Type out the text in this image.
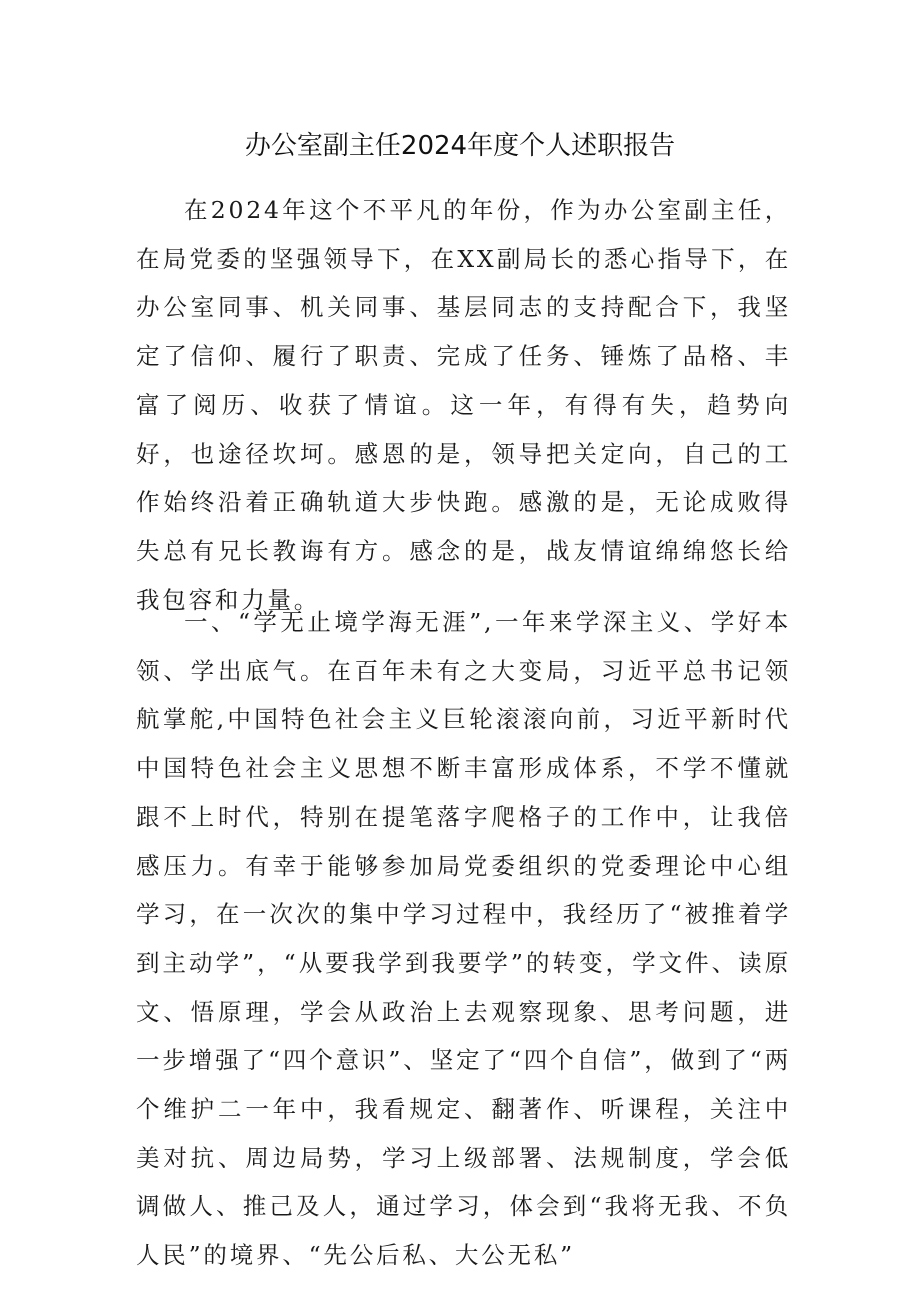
办公室副主任2024年度个人述职报告

在2024年这个不平凡的年份，作为办公室副主任，在局党委的坚强领导下，在XX副局长的悉心指导下，在办公室同事、机关同事、基层同志的支持配合下，我坚定了信仰、履行了职责、完成了任务、锤炼了品格、丰富了阅历、收获了情谊。这一年，有得有失，趋势向好，也途径坎坷。感恩的是，领导把关定向，自己的工作始终沿着正确轨道大步快跑。感激的是，无论成败得失总有兄长教诲有方。感念的是，战友情谊绵绵悠长给我包容和力量。

一、“学无止境学海无涯”,一年来学深主义、学好本领、学出底气。在百年未有之大变局，习近平总书记领航掌舵,中国特色社会主义巨轮滚滚向前，习近平新时代中国特色社会主义思想不断丰富形成体系，不学不懂就跟不上时代，特别在提笔落字爬格子的工作中，让我倍感压力。有幸于能够参加局党委组织的党委理论中心组学习，在一次次的集中学习过程中，我经历了“被推着学到主动学”，“从要我学到我要学”的转变，学文件、读原文、悟原理，学会从政治上去观察现象、思考问题，进一步增强了“四个意识”、坚定了“四个自信”，做到了“两个维护二一年中，我看规定、翻著作、听课程，关注中美对抗、周边局势，学习上级部署、法规制度，学会低调做人、推己及人，通过学习，体会到“我将无我、不负人民”的境界、“先公后私、大公无私”
